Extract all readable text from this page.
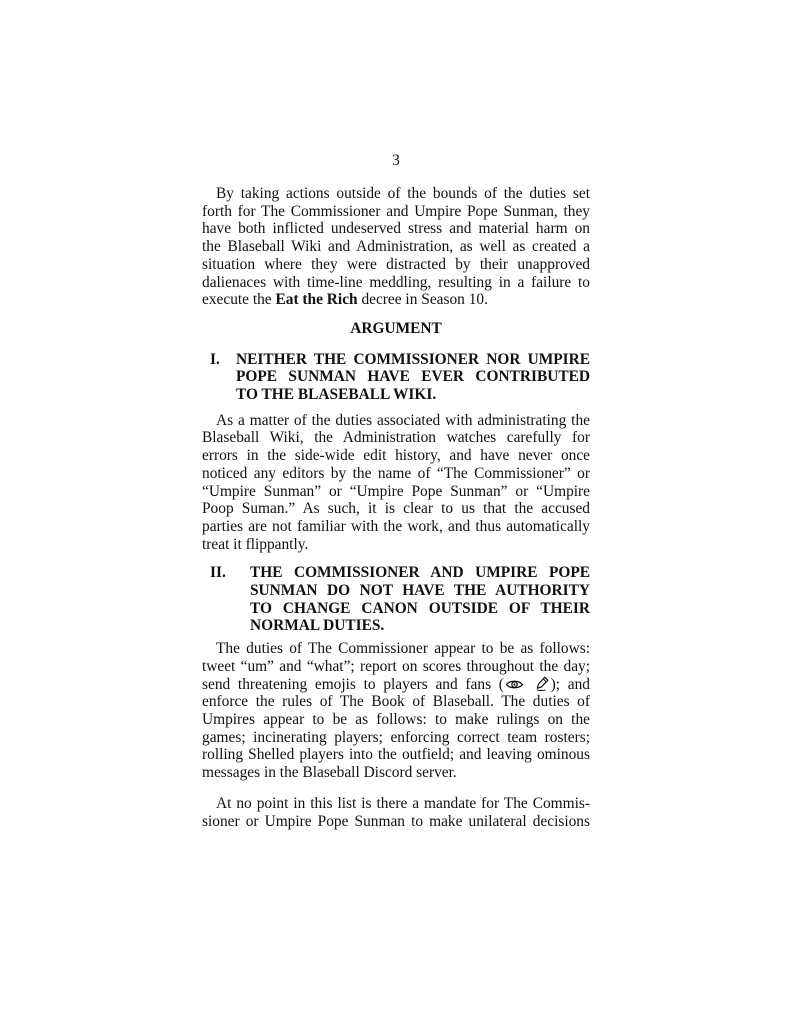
3
By taking actions outside of the bounds of the duties set
forth for The Commissioner and Umpire Pope Sunman, they
have both inflicted undeserved stress and material harm on
the Blaseball Wiki and Administration, as well as created a
situation where they were distracted by their unapproved
dalienaces with time-line meddling, resulting in a failure to
execute the Eat the Rich decree in Season 10.
ARGUMENT
I. NEITHER THE COMMISSIONER NOR UMPIRE
POPE SUNMAN HAVE EVER CONTRIBUTED
TO THE BLASEBALL WIKI.
As a matter of the duties associated with administrating the
Blaseball Wiki, the Administration watches carefully for
errors in the side-wide edit history, and have never once
noticed any editors by the name of “The Commissioner” or
“Umpire Sunman” or “Umpire Pope Sunman” or “Umpire
Poop Suman.” As such, it is clear to us that the accused
parties are not familiar with the work, and thus automatically
treat it flippantly.
II. THE COMMISSIONER AND UMPIRE POPE
SUNMAN DO NOT HAVE THE AUTHORITY
TO CHANGE CANON OUTSIDE OF THEIR
NORMAL DUTIES.
The duties of The Commissioner appear to be as follows:
tweet “um” and “what”; report on scores throughout the day;
send threatening emojis to players and fans (	); and
enforce the rules of The Book of Blaseball. The duties of
Umpires appear to be as follows: to make rulings on the
games; incinerating players; enforcing correct team rosters;
rolling Shelled players into the outfield; and leaving ominous
messages in the Blaseball Discord server.
At no point in this list is there a mandate for The Commis-
sioner or Umpire Pope Sunman to make unilateral decisions
